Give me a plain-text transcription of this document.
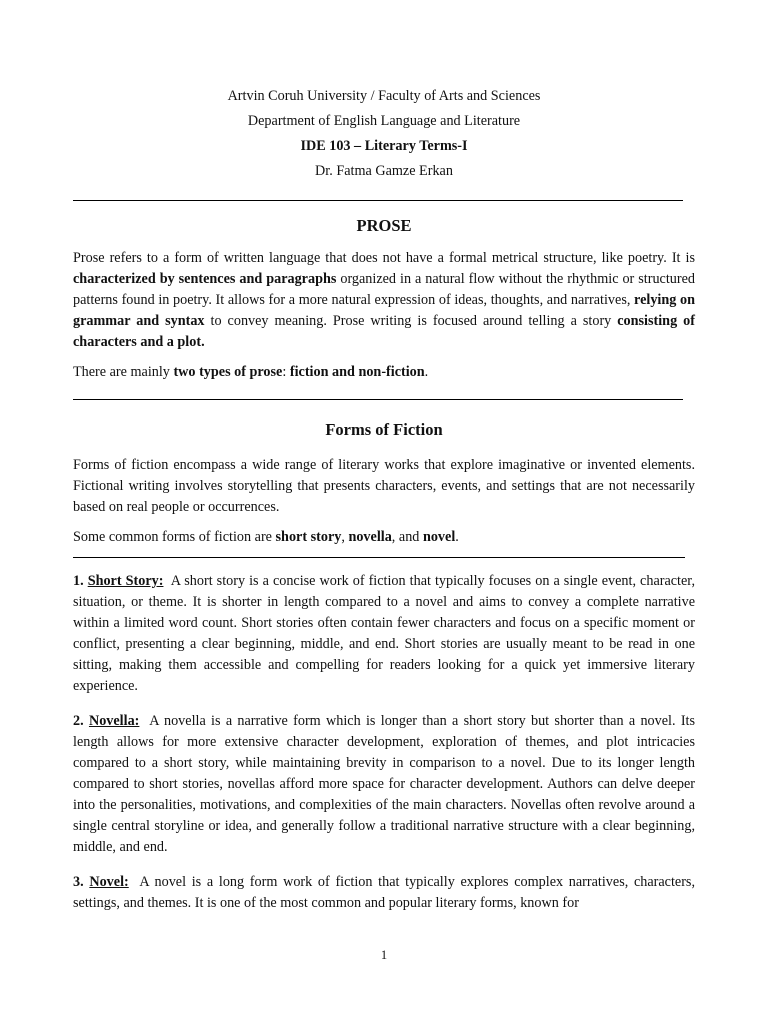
Artvin Coruh University / Faculty of Arts and Sciences
Department of English Language and Literature
IDE 103 – Literary Terms-I
Dr. Fatma Gamze Erkan
PROSE

Prose refers to a form of written language that does not have a formal metrical structure, like poetry. It is characterized by sentences and paragraphs organized in a natural flow without the rhythmic or structured patterns found in poetry. It allows for a more natural expression of ideas, thoughts, and narratives, relying on grammar and syntax to convey meaning. Prose writing is focused around telling a story consisting of characters and a plot.

There are mainly two types of prose: fiction and non-fiction.

Forms of Fiction

Forms of fiction encompass a wide range of literary works that explore imaginative or invented elements. Fictional writing involves storytelling that presents characters, events, and settings that are not necessarily based on real people or occurrences.

Some common forms of fiction are short story, novella, and novel.

1. Short Story: A short story is a concise work of fiction that typically focuses on a single event, character, situation, or theme. It is shorter in length compared to a novel and aims to convey a complete narrative within a limited word count. Short stories often contain fewer characters and focus on a specific moment or conflict, presenting a clear beginning, middle, and end. Short stories are usually meant to be read in one sitting, making them accessible and compelling for readers looking for a quick yet immersive literary experience.

2. Novella: A novella is a narrative form which is longer than a short story but shorter than a novel. Its length allows for more extensive character development, exploration of themes, and plot intricacies compared to a short story, while maintaining brevity in comparison to a novel. Due to its longer length compared to short stories, novellas afford more space for character development. Authors can delve deeper into the personalities, motivations, and complexities of the main characters. Novellas often revolve around a single central storyline or idea, and generally follow a traditional narrative structure with a clear beginning, middle, and end.

3. Novel: A novel is a long form work of fiction that typically explores complex narratives, characters, settings, and themes. It is one of the most common and popular literary forms, known for

1
